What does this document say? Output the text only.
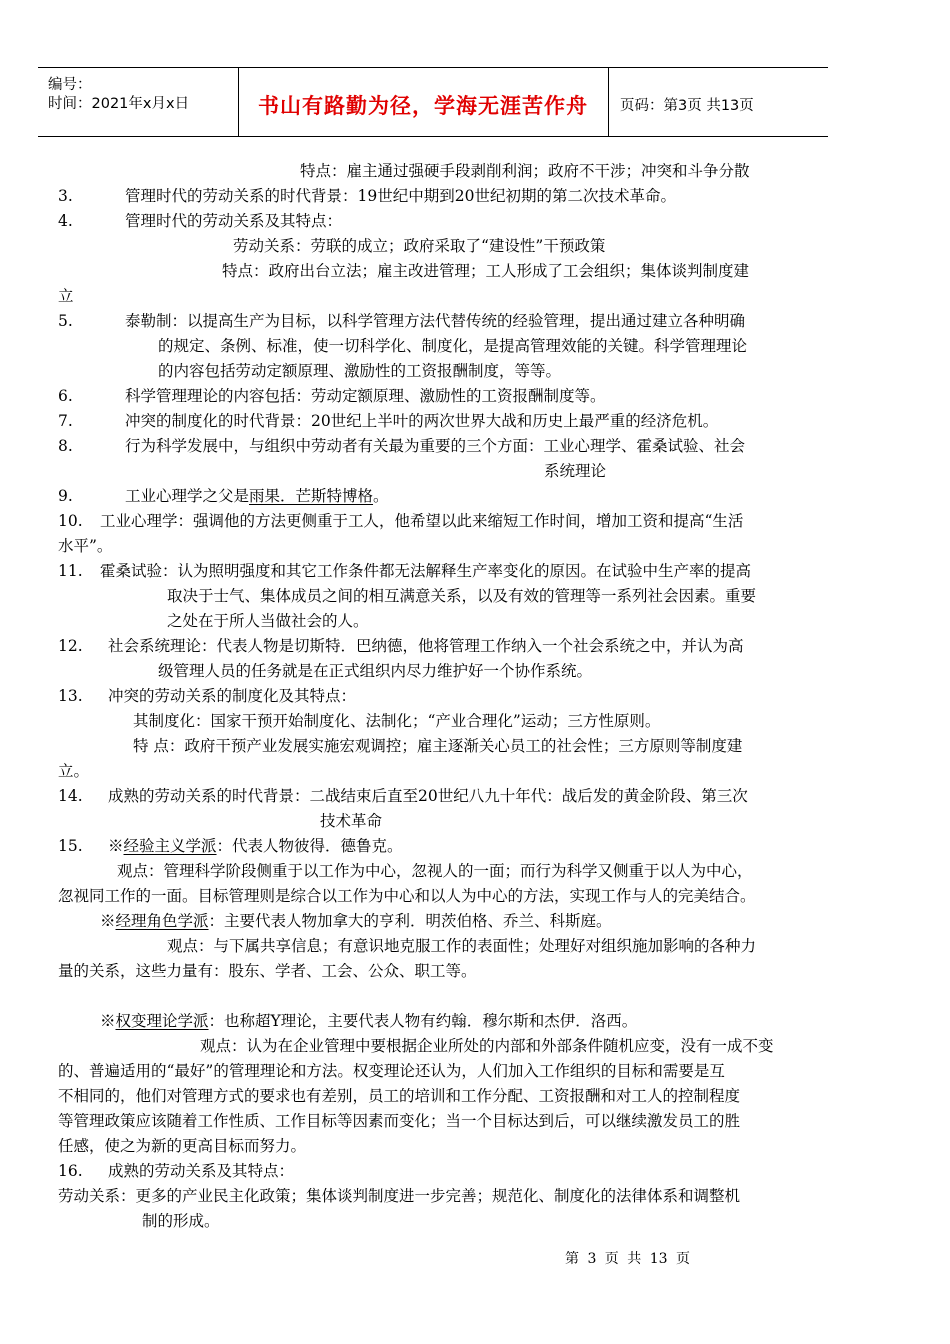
编号：
时间：2021年x月x日	书山有路勤为径，学海无涯苦作舟 页码：第3页 共13页
特点：雇主通过强硬手段剥削利润；政府不干涉；冲突和斗争分散
3.	管理时代的劳动关系的时代背景：19世纪中期到20世纪初期的第二次技术革命。
4.	管理时代的劳动关系及其特点：
劳动关系：劳联的成立；政府采取了“建设性”干预政策
特点：政府出台立法；雇主改进管理；工人形成了工会组织；集体谈判制度建
立
5.	泰勒制：以提高生产为目标，以科学管理方法代替传统的经验管理，提出通过建立各种明确
的规定、条例、标准，使一切科学化、制度化，是提高管理效能的关键。科学管理理论
的内容包括劳动定额原理、激励性的工资报酬制度，等等。
6.	科学管理理论的内容包括：劳动定额原理、激励性的工资报酬制度等。
7.	冲突的制度化的时代背景：20世纪上半叶的两次世界大战和历史上最严重的经济危机。
8.	行为科学发展中，与组织中劳动者有关最为重要的三个方面：工业心理学、霍桑试验、社会
系统理论
9.	工业心理学之父是雨果．芒斯特博格。
10. 工业心理学：强调他的方法更侧重于工人，他希望以此来缩短工作时间，增加工资和提高“生活
水平”。
11. 霍桑试验：认为照明强度和其它工作条件都无法解释生产率变化的原因。在试验中生产率的提高
取决于士气、集体成员之间的相互满意关系，以及有效的管理等一系列社会因素。重要
之处在于所人当做社会的人。
12. 社会系统理论：代表人物是切斯特．巴纳德，他将管理工作纳入一个社会系统之中，并认为高
级管理人员的任务就是在正式组织内尽力维护好一个协作系统。
13. 冲突的劳动关系的制度化及其特点：
其制度化：国家干预开始制度化、法制化；“产业合理化”运动；三方性原则。
特 点：政府干预产业发展实施宏观调控；雇主逐渐关心员工的社会性；三方原则等制度建
立。
14. 成熟的劳动关系的时代背景：二战结束后直至20世纪八九十年代：战后发的黄金阶段、第三次
技术革命
15. ※经验主义学派：代表人物彼得．德鲁克。
观点：管理科学阶段侧重于以工作为中心，忽视人的一面；而行为科学又侧重于以人为中心，
忽视同工作的一面。目标管理则是综合以工作为中心和以人为中心的方法，实现工作与人的完美结合。
※经理角色学派：主要代表人物加拿大的亨利．明茨伯格、乔兰、科斯庭。
观点：与下属共享信息；有意识地克服工作的表面性；处理好对组织施加影响的各种力
量的关系，这些力量有：股东、学者、工会、公众、职工等。
※权变理论学派：也称超Y理论，主要代表人物有约翰．穆尔斯和杰伊．洛西。
观点：认为在企业管理中要根据企业所处的内部和外部条件随机应变，没有一成不变
的、普遍适用的“最好”的管理理论和方法。权变理论还认为，人们加入工作组织的目标和需要是互
不相同的，他们对管理方式的要求也有差别，员工的培训和工作分配、工资报酬和对工人的控制程度
等管理政策应该随着工作性质、工作目标等因素而变化；当一个目标达到后，可以继续激发员工的胜
任感，使之为新的更高目标而努力。
16. 成熟的劳动关系及其特点：
劳动关系：更多的产业民主化政策；集体谈判制度进一步完善；规范化、制度化的法律体系和调整机
制的形成。
第 3 页 共 13 页
